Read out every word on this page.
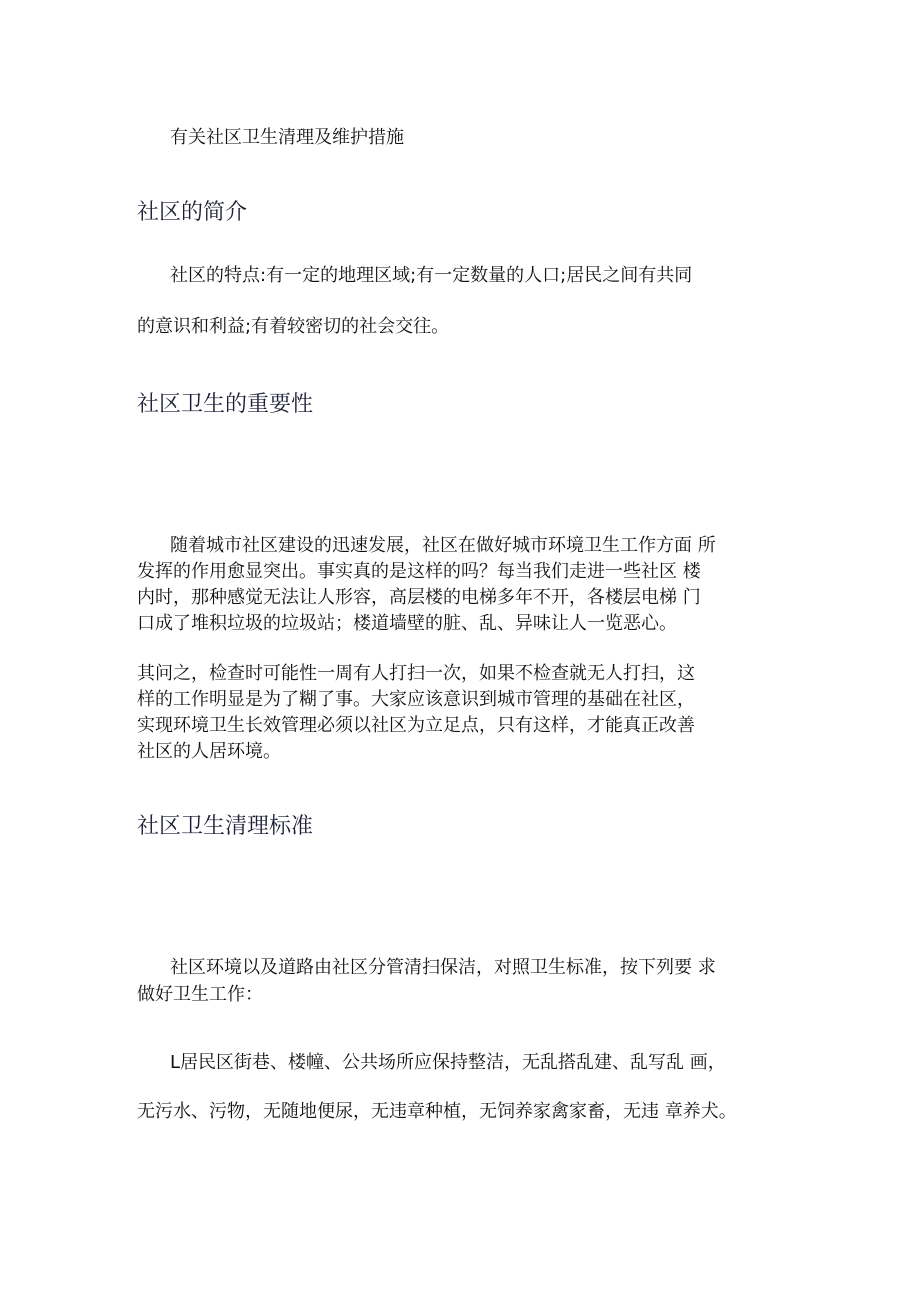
有关社区卫生清理及维护措施
社区的简介
社区的特点:有一定的地理区域;有一定数量的人口;居民之间有共同
的意识和利益;有着较密切的社会交往。
社区卫生的重要性
随着城市社区建设的迅速发展，社区在做好城市环境卫生工作方面 所
发挥的作用愈显突出。事实真的是这样的吗？每当我们走进一些社区 楼
内时，那种感觉无法让人形容，高层楼的电梯多年不开，各楼层电梯 门
口成了堆积垃圾的垃圾站；楼道墙壁的脏、乱、异味让人一览恶心。
其问之，检查时可能性一周有人打扫一次，如果不检查就无人打扫，这
样的工作明显是为了糊了事。大家应该意识到城市管理的基础在社区，
实现环境卫生长效管理必须以社区为立足点，只有这样，才能真正改善
社区的人居环境。
社区卫生清理标准
社区环境以及道路由社区分管清扫保洁，对照卫生标准，按下列要 求
做好卫生工作：
L居民区街巷、楼幢、公共场所应保持整洁，无乱搭乱建、乱写乱 画，
无污水、污物，无随地便尿，无违章种植，无饲养家禽家畜，无违 章养犬。
